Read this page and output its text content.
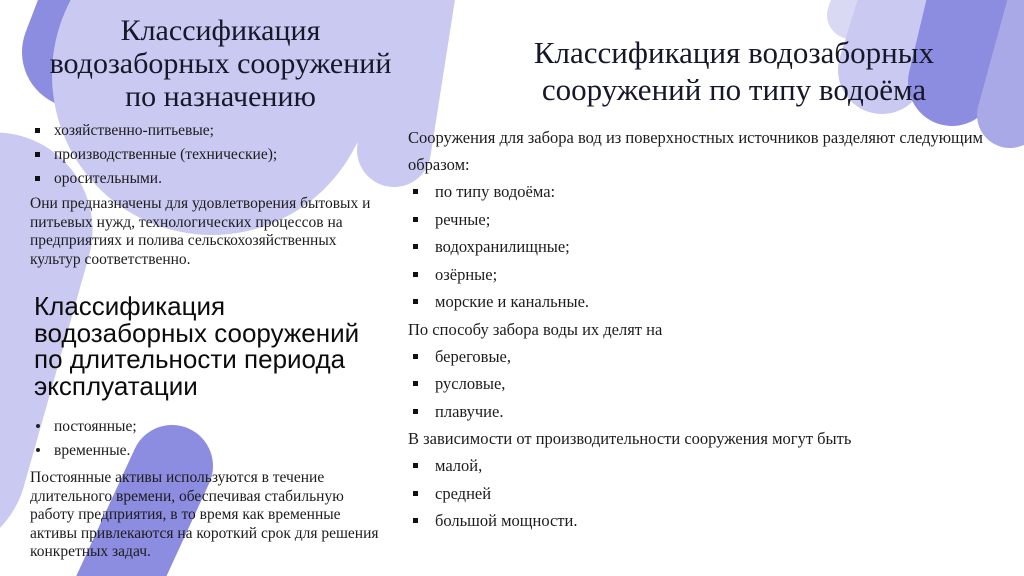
Классификация
водозаборных сооружений
по назначению
хозяйственно-питьевые;
производственные (технические);
оросительными.

Они предназначены для удовлетворения бытовых и питьевых нужд, технологических процессов на предприятиях и полива сельскохозяйственных культур соответственно.

Классификация
водозаборных сооружений
по длительности периода
эксплуатации
постоянные;
временные.

Постоянные активы используются в течение длительного времени, обеспечивая стабильную работу предприятия, в то время как временные активы привлекаются на короткий срок для решения конкретных задач.

Классификация водозаборных
сооружений по типу водоёма

Сооружения для забора вод из поверхностных источников разделяют следующим образом:

по типу водоёма:
речные;
водохранилищные;
озёрные;
морские и канальные.

По способу забора воды их делят на

береговые,
русловые,
плавучие.

В зависимости от производительности сооружения могут быть

малой,
средней
большой мощности.
